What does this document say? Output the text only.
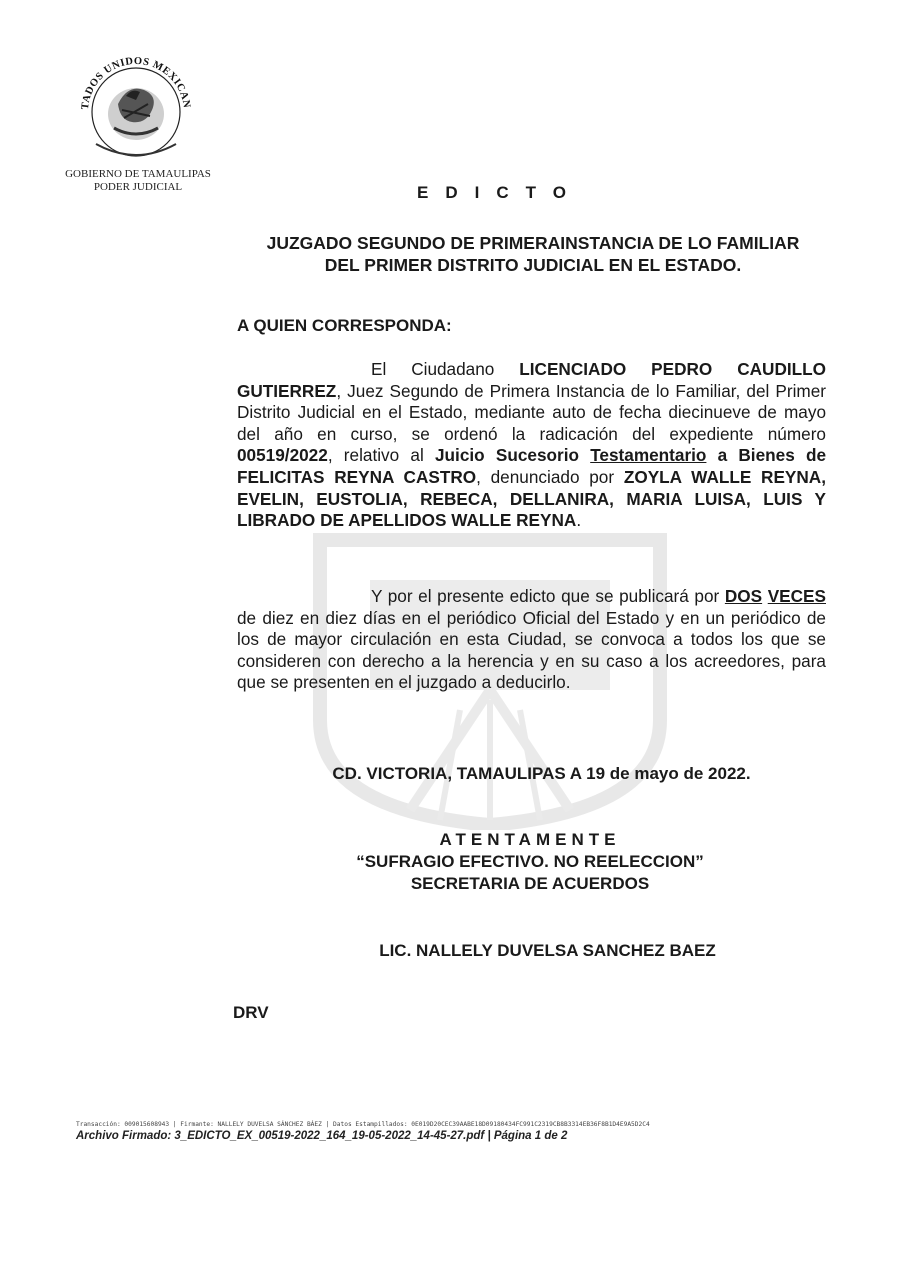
TADOS UNIDOS MEXICAN
GOBIERNO DE TAMAULIPAS
PODER JUDICIAL	EDICTO
JUZGADO SEGUNDO DE PRIMERAINSTANCIA DE LO FAMILIAR
DEL PRIMER DISTRITO JUDICIAL EN EL ESTADO.
A QUIEN CORRESPONDA:
El Ciudadano LICENCIADO PEDRO CAUDILLO GUTIERREZ, Juez Segundo de Primera Instancia de lo Familiar, del Primer Distrito Judicial en el Estado, mediante auto de fecha diecinueve de mayo del año en curso, se ordenó la radicación del expediente número 00519/2022, relativo al Juicio Sucesorio Testamentario a Bienes de FELICITAS REYNA CASTRO, denunciado por ZOYLA WALLE REYNA, EVELIN, EUSTOLIA, REBECA, DELLANIRA, MARIA LUISA, LUIS Y LIBRADO DE APELLIDOS WALLE REYNA.
Y por el presente edicto que se publicará por DOS VECES de diez en diez días en el periódico Oficial del Estado y en un periódico de los de mayor circulación en esta Ciudad, se convoca a todos los que se consideren con derecho a la herencia y en su caso a los acreedores, para que se presenten en el juzgado a deducirlo.
CD. VICTORIA, TAMAULIPAS A 19 de mayo de 2022.
ATENTAMENTE
“SUFRAGIO EFECTIVO. NO REELECCION”
SECRETARIA DE ACUERDOS
LIC. NALLELY DUVELSA SANCHEZ BAEZ
DRV
Transacción: 009015608943 | Firmante: NALLELY DUVELSA SÁNCHEZ BÁEZ | Datos Estampillados: 0E019D20CEC39AABE18D09180434FC991C2319CB8B3314EB36F8B1D4E9A5D2C4
Archivo Firmado: 3_EDICTO_EX_00519-2022_164_19-05-2022_14-45-27.pdf | Página 1 de 2
